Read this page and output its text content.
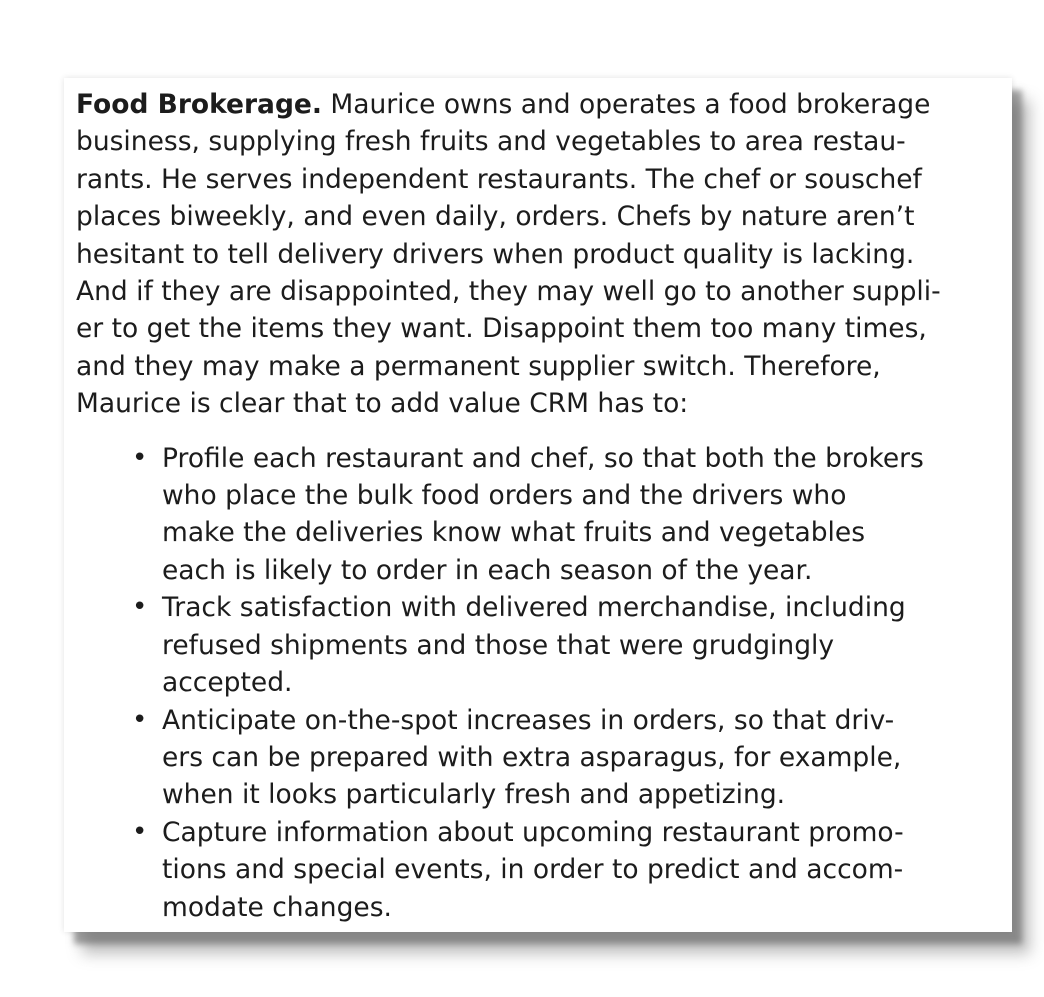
Food Brokerage. Maurice owns and operates a food brokerage
business, supplying fresh fruits and vegetables to area restau-
rants. He serves independent restaurants. The chef or souschef
places biweekly, and even daily, orders. Chefs by nature aren’t
hesitant to tell delivery drivers when product quality is lacking.
And if they are disappointed, they may well go to another suppli-
er to get the items they want. Disappoint them too many times,
and they may make a permanent supplier switch. Therefore,
Maurice is clear that to add value CRM has to:
• Profile each restaurant and chef, so that both the brokers
who place the bulk food orders and the drivers who
make the deliveries know what fruits and vegetables
each is likely to order in each season of the year.
• Track satisfaction with delivered merchandise, including
refused shipments and those that were grudgingly
accepted.
• Anticipate on-the-spot increases in orders, so that driv-
ers can be prepared with extra asparagus, for example,
when it looks particularly fresh and appetizing.
• Capture information about upcoming restaurant promo-
tions and special events, in order to predict and accom-
modate changes.
